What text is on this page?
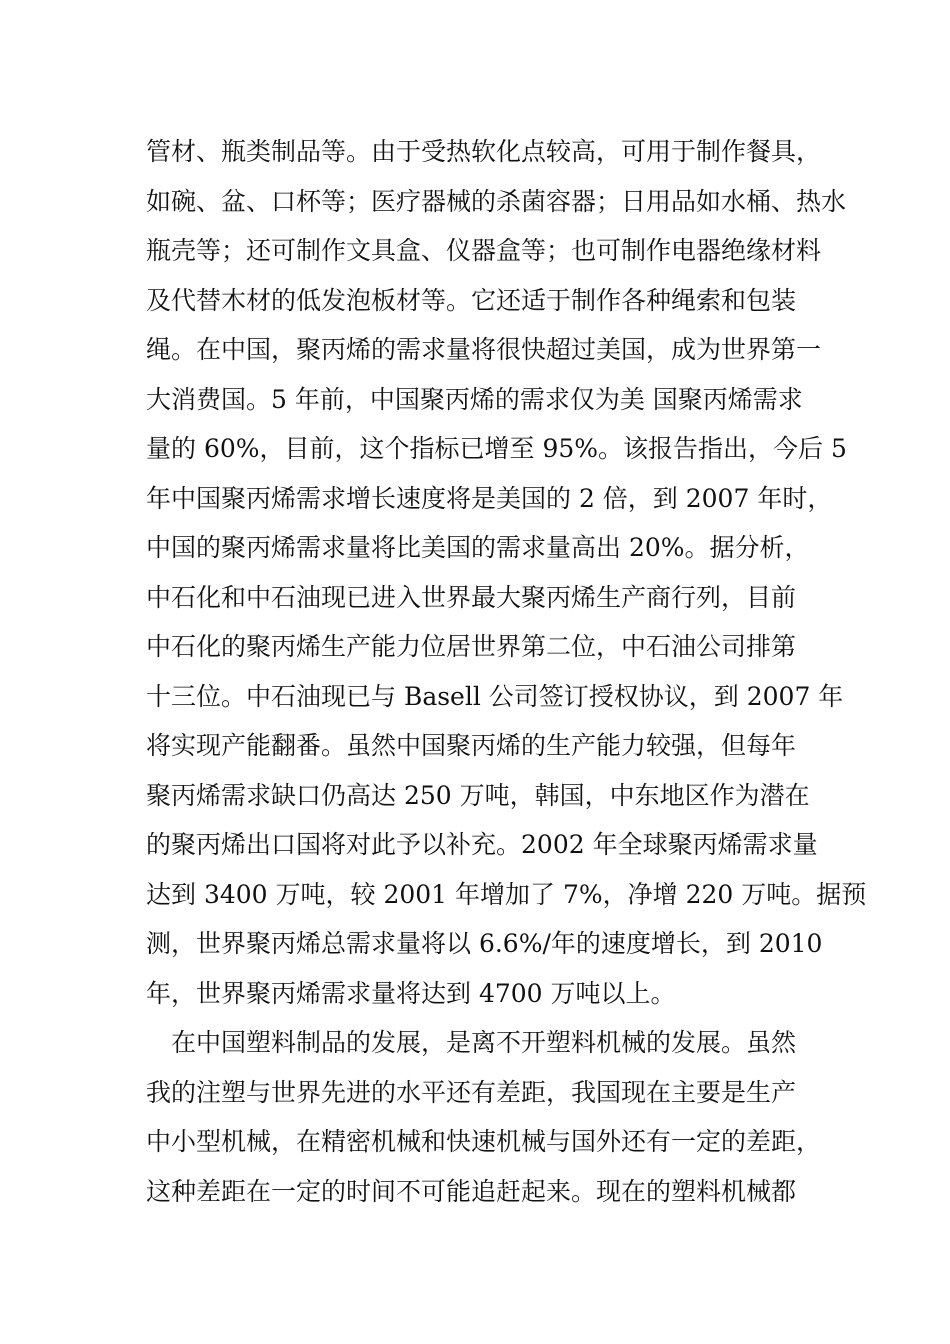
管材、瓶类制品等。由于受热软化点较高，可用于制作餐具，
如碗、盆、口杯等；医疗器械的杀菌容器；日用品如水桶、热水
瓶壳等；还可制作文具盒、仪器盒等；也可制作电器绝缘材料
及代替木材的低发泡板材等。它还适于制作各种绳索和包装
绳。在中国，聚丙烯的需求量将很快超过美国，成为世界第一
大消费国。5 年前，中国聚丙烯的需求仅为美 国聚丙烯需求
量的 60%，目前，这个指标已增至 95%。该报告指出，今后 5
年中国聚丙烯需求增长速度将是美国的 2 倍，到 2007 年时，
中国的聚丙烯需求量将比美国的需求量高出 20%。据分析，
中石化和中石油现已进入世界最大聚丙烯生产商行列，目前
中石化的聚丙烯生产能力位居世界第二位，中石油公司排第
十三位。中石油现已与 Basell 公司签订授权协议，到 2007 年
将实现产能翻番。虽然中国聚丙烯的生产能力较强，但每年
聚丙烯需求缺口仍高达 250 万吨，韩国，中东地区作为潜在
的聚丙烯出口国将对此予以补充。2002 年全球聚丙烯需求量
达到 3400 万吨，较 2001 年增加了 7%，净增 220 万吨。据预
测，世界聚丙烯总需求量将以 6.6%/年的速度增长，到 2010
年，世界聚丙烯需求量将达到 4700 万吨以上。
　在中国塑料制品的发展，是离不开塑料机械的发展。虽然
我的注塑与世界先进的水平还有差距，我国现在主要是生产
中小型机械，在精密机械和快速机械与国外还有一定的差距，
这种差距在一定的时间不可能追赶起来。现在的塑料机械都
